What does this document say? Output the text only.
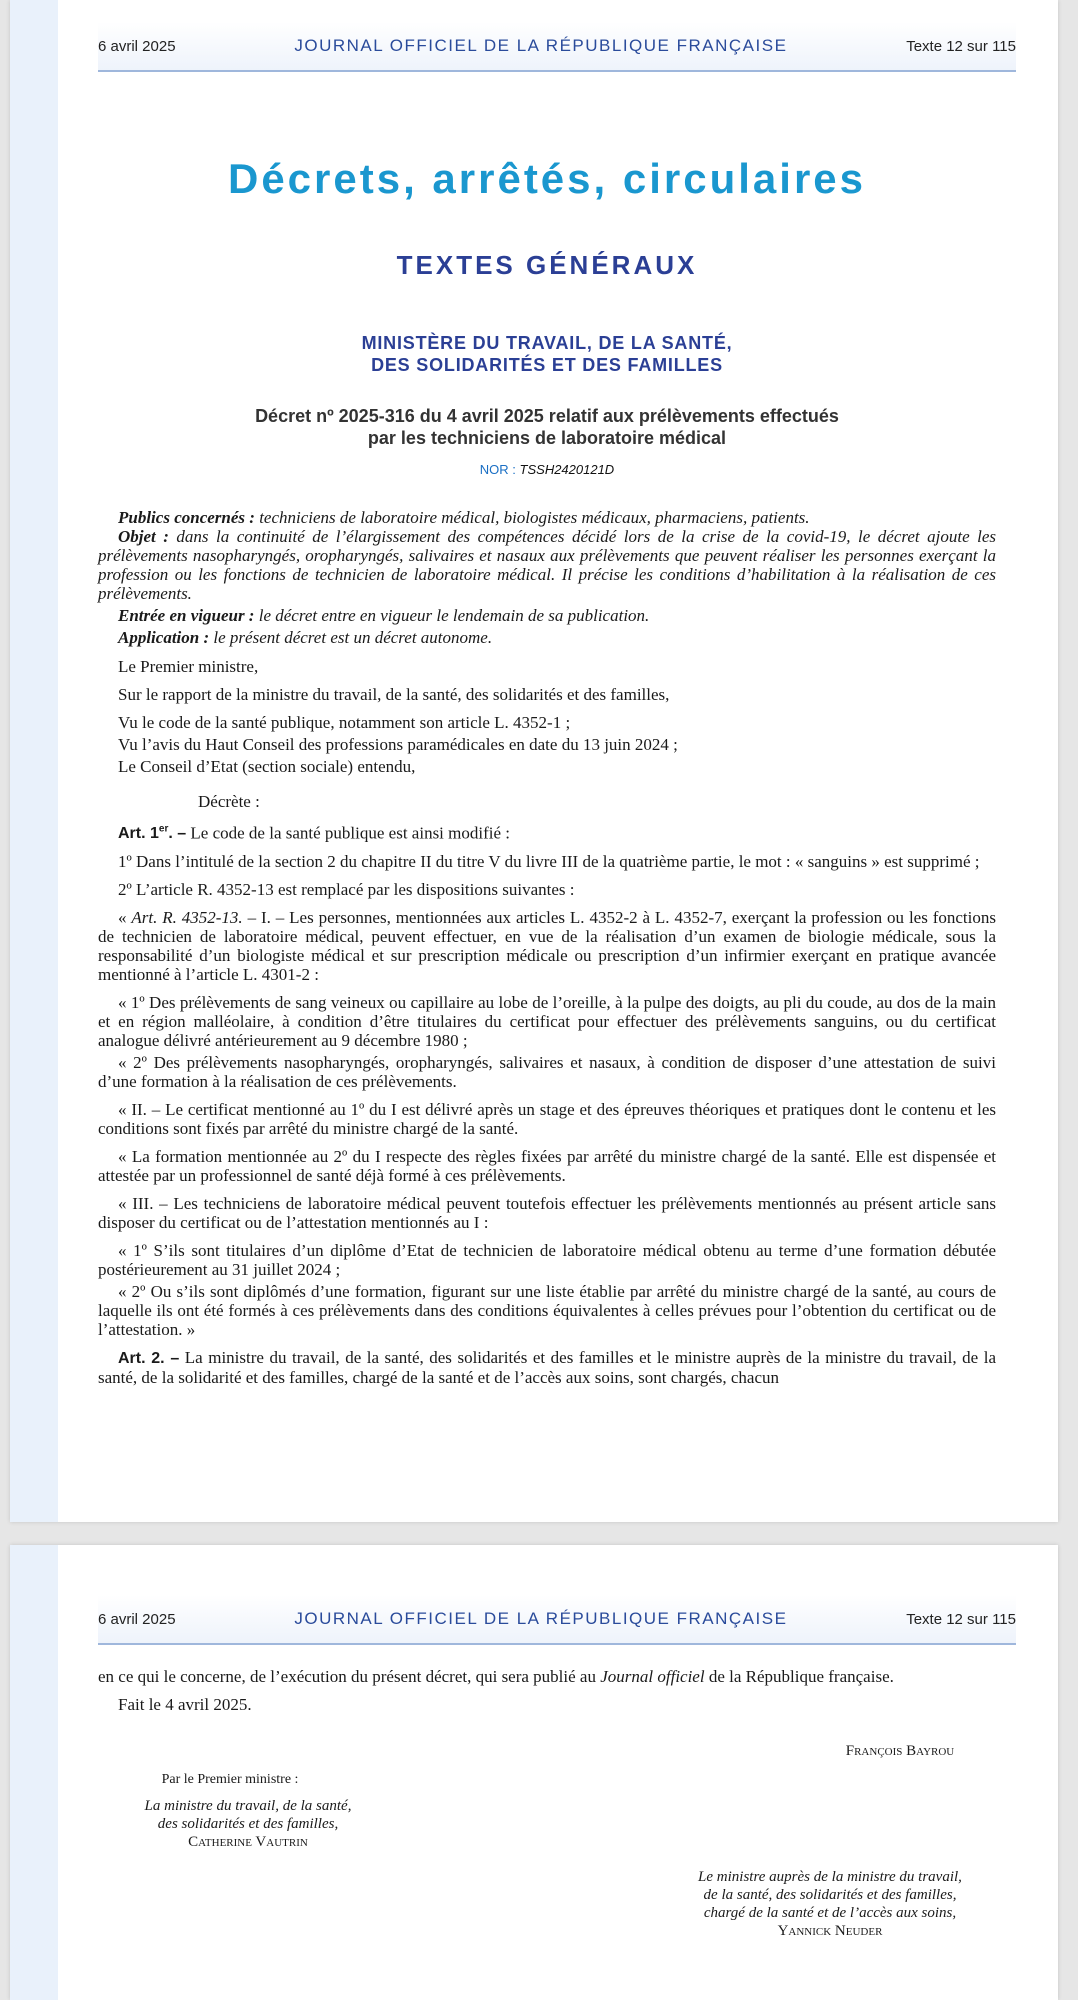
6 avril 2025	JOURNAL OFFICIEL DE LA RÉPUBLIQUE FRANÇAISE	Texte 12 sur 115
Décrets, arrêtés, circulaires
TEXTES GÉNÉRAUX
MINISTÈRE DU TRAVAIL, DE LA SANTÉ,
DES SOLIDARITÉS ET DES FAMILLES
Décret nº 2025-316 du 4 avril 2025 relatif aux prélèvements effectués
par les techniciens de laboratoire médical
NOR : TSSH2420121D

Publics concernés : techniciens de laboratoire médical, biologistes médicaux, pharmaciens, patients.

Objet : dans la continuité de l’élargissement des compétences décidé lors de la crise de la covid-19, le décret ajoute les prélèvements nasopharyngés, oropharyngés, salivaires et nasaux aux prélèvements que peuvent réaliser les personnes exerçant la profession ou les fonctions de technicien de laboratoire médical. Il précise les conditions d’habilitation à la réalisation de ces prélèvements.

Entrée en vigueur : le décret entre en vigueur le lendemain de sa publication.

Application : le présent décret est un décret autonome.

Le Premier ministre,

Sur le rapport de la ministre du travail, de la santé, des solidarités et des familles,

Vu le code de la santé publique, notamment son article L. 4352-1 ;

Vu l’avis du Haut Conseil des professions paramédicales en date du 13 juin 2024 ;

Le Conseil d’Etat (section sociale) entendu,

Décrète :

Art. 1er. – Le code de la santé publique est ainsi modifié :

1º Dans l’intitulé de la section 2 du chapitre II du titre V du livre III de la quatrième partie, le mot : « sanguins » est supprimé ;

2º L’article R. 4352-13 est remplacé par les dispositions suivantes :

« Art. R. 4352-13. – I. – Les personnes, mentionnées aux articles L. 4352-2 à L. 4352-7, exerçant la profession ou les fonctions de technicien de laboratoire médical, peuvent effectuer, en vue de la réalisation d’un examen de biologie médicale, sous la responsabilité d’un biologiste médical et sur prescription médicale ou prescription d’un infirmier exerçant en pratique avancée mentionné à l’article L. 4301-2 :

« 1º Des prélèvements de sang veineux ou capillaire au lobe de l’oreille, à la pulpe des doigts, au pli du coude, au dos de la main et en région malléolaire, à condition d’être titulaires du certificat pour effectuer des prélèvements sanguins, ou du certificat analogue délivré antérieurement au 9 décembre 1980 ;

« 2º Des prélèvements nasopharyngés, oropharyngés, salivaires et nasaux, à condition de disposer d’une attestation de suivi d’une formation à la réalisation de ces prélèvements.

« II. – Le certificat mentionné au 1º du I est délivré après un stage et des épreuves théoriques et pratiques dont le contenu et les conditions sont fixés par arrêté du ministre chargé de la santé.

« La formation mentionnée au 2º du I respecte des règles fixées par arrêté du ministre chargé de la santé. Elle est dispensée et attestée par un professionnel de santé déjà formé à ces prélèvements.

« III. – Les techniciens de laboratoire médical peuvent toutefois effectuer les prélèvements mentionnés au présent article sans disposer du certificat ou de l’attestation mentionnés au I :

« 1º S’ils sont titulaires d’un diplôme d’Etat de technicien de laboratoire médical obtenu au terme d’une formation débutée postérieurement au 31 juillet 2024 ;

« 2º Ou s’ils sont diplômés d’une formation, figurant sur une liste établie par arrêté du ministre chargé de la santé, au cours de laquelle ils ont été formés à ces prélèvements dans des conditions équivalentes à celles prévues pour l’obtention du certificat ou de l’attestation. »

Art. 2. – La ministre du travail, de la santé, des solidarités et des familles et le ministre auprès de la ministre du travail, de la santé, de la solidarité et des familles, chargé de la santé et de l’accès aux soins, sont chargés, chacun

6 avril 2025	JOURNAL OFFICIEL DE LA RÉPUBLIQUE FRANÇAISE	Texte 12 sur 115

en ce qui le concerne, de l’exécution du présent décret, qui sera publié au Journal officiel de la République française.

Fait le 4 avril 2025.

François Bayrou
Par le Premier ministre :
La ministre du travail, de la santé,
des solidarités et des familles,
Catherine Vautrin
Le ministre auprès de la ministre du travail,
de la santé, des solidarités et des familles,
chargé de la santé et de l’accès aux soins,
Yannick Neuder
